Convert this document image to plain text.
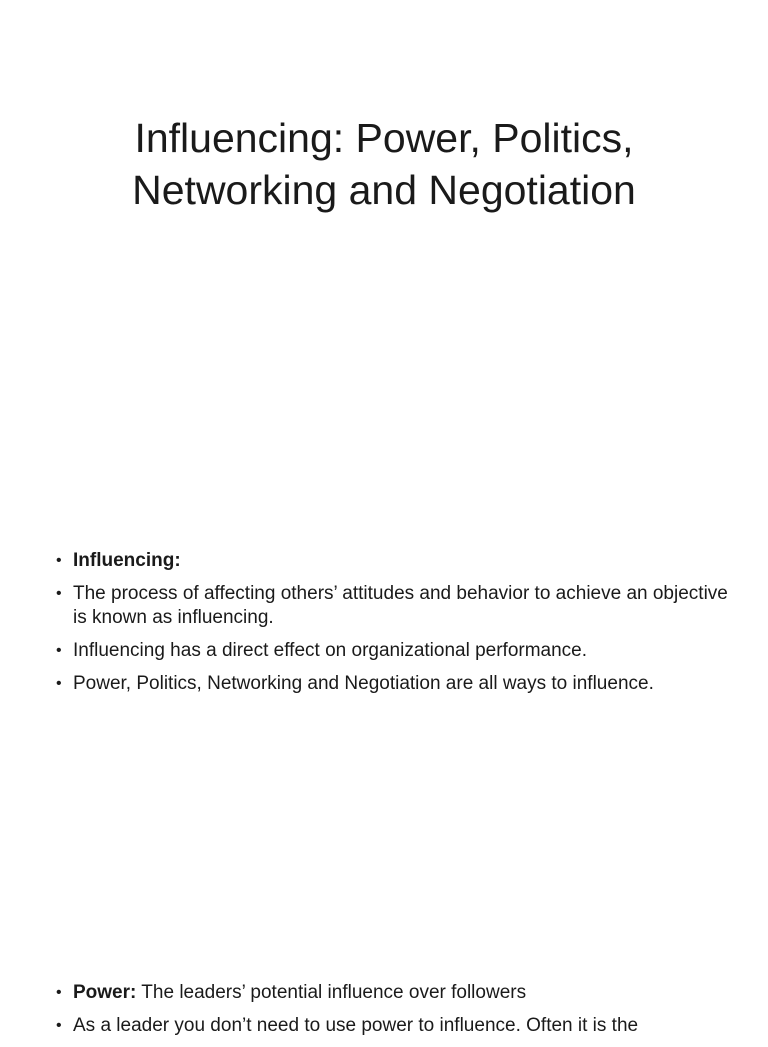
Influencing: Power, Politics,
Networking and Negotiation
• Influencing:
• The process of affecting others’ attitudes and behavior to achieve an objective is known as influencing.
• Influencing has a direct effect on organizational performance.
• Power, Politics, Networking and Negotiation are all ways to influence.
• Power: The leaders’ potential influence over followers
• As a leader you don’t need to use power to influence. Often it is the
